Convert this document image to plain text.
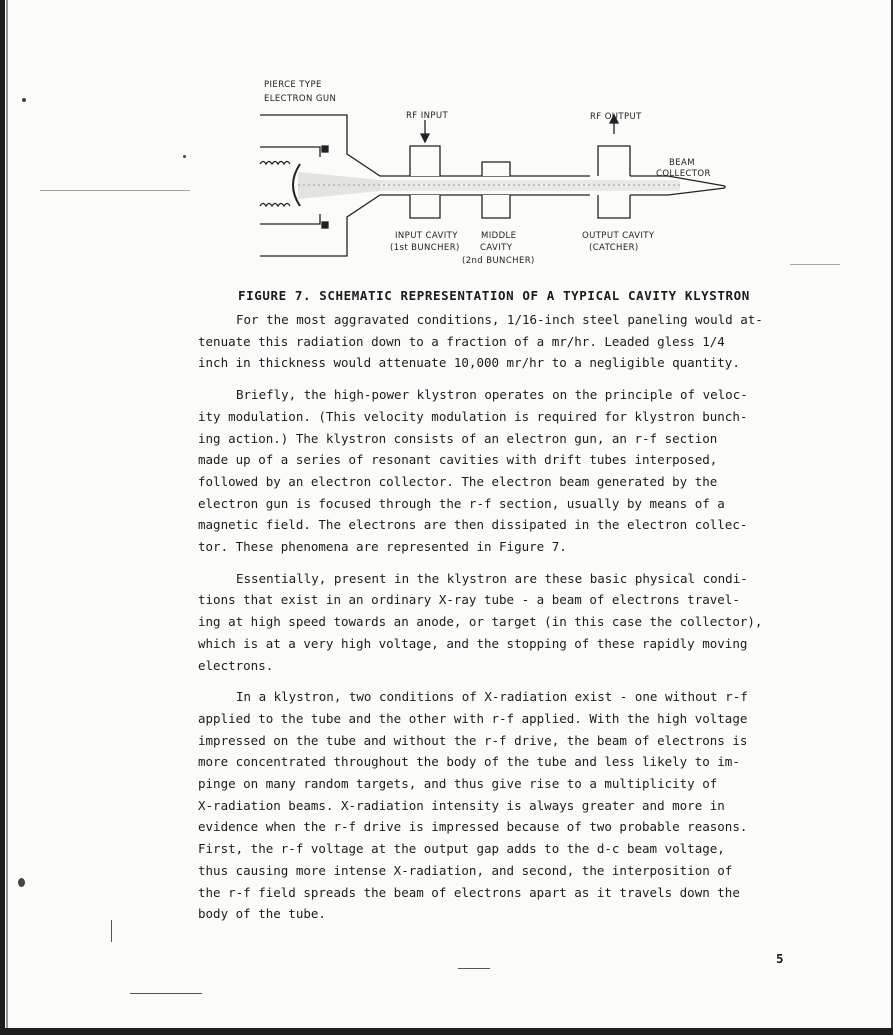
PIERCE TYPE
ELECTRON GUN
RF INPUT	RF OUTPUT
BEAM
COLLECTOR
INPUT CAVITY
(1st BUNCHER)
MIDDLE
CAVITY
(2nd BUNCHER)
OUTPUT CAVITY
(CATCHER)
FIGURE 7. SCHEMATIC REPRESENTATION OF A TYPICAL CAVITY KLYSTRON
For the most aggravated conditions, 1/16-inch steel paneling would at-
tenuate this radiation down to a fraction of a mr/hr. Leaded gless 1/4
inch in thickness would attenuate 10,000 mr/hr to a negligible quantity.
Briefly, the high-power klystron operates on the principle of veloc-
ity modulation. (This velocity modulation is required for klystron bunch-
ing action.) The klystron consists of an electron gun, an r-f section
made up of a series of resonant cavities with drift tubes interposed,
followed by an electron collector. The electron beam generated by the
electron gun is focused through the r-f section, usually by means of a
magnetic field. The electrons are then dissipated in the electron collec-
tor. These phenomena are represented in Figure 7.
Essentially, present in the klystron are these basic physical condi-
tions that exist in an ordinary X-ray tube - a beam of electrons travel-
ing at high speed towards an anode, or target (in this case the collector),
which is at a very high voltage, and the stopping of these rapidly moving
electrons.
In a klystron, two conditions of X-radiation exist - one without r-f
applied to the tube and the other with r-f applied. With the high voltage
impressed on the tube and without the r-f drive, the beam of electrons is
more concentrated throughout the body of the tube and less likely to im-
pinge on many random targets, and thus give rise to a multiplicity of
X-radiation beams. X-radiation intensity is always greater and more in
evidence when the r-f drive is impressed because of two probable reasons.
First, the r-f voltage at the output gap adds to the d-c beam voltage,
thus causing more intense X-radiation, and second, the interposition of
the r-f field spreads the beam of electrons apart as it travels down the
body of the tube.
5
